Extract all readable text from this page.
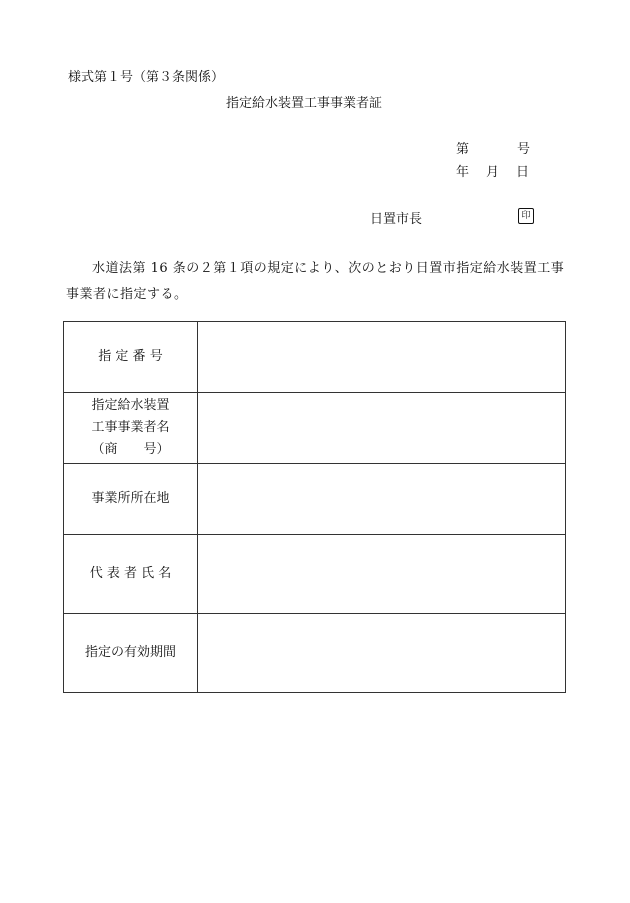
様式第１号（第３条関係）
指定給水装置工事事業者証
第	号
年 月 日
日置市長	印
水道法第 16 条の２第１項の規定により、次のとおり日置市指定給水装置工事事業者に指定する。
指 定 番 号	

指定給水装置
工事事業者名
（商　　号）	

事業所所在地	

代 表 者 氏 名	

指定の有効期間	
